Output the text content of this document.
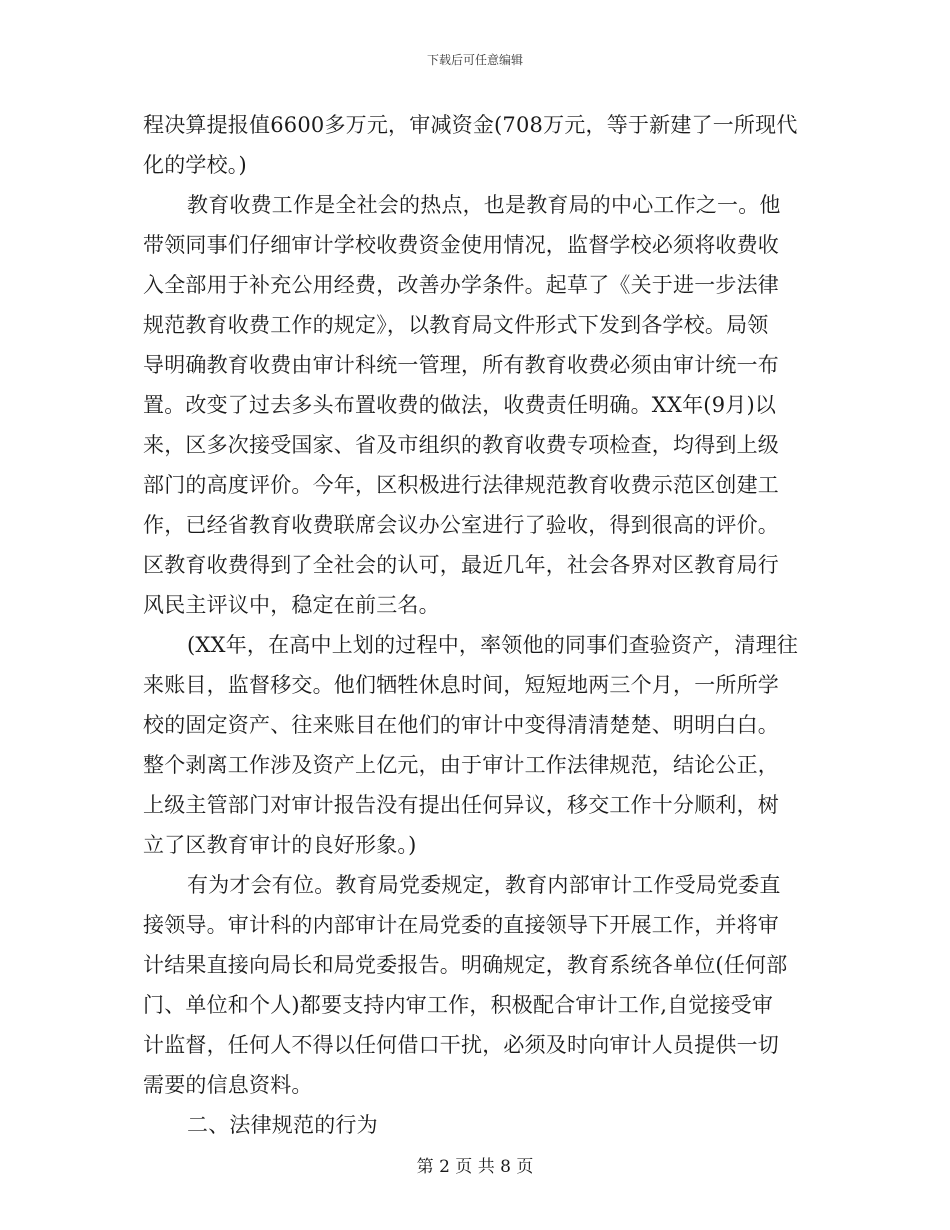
下载后可任意编辑
程决算提报值6600多万元，审减资金(708万元，等于新建了一所现代
化的学校。)
教育收费工作是全社会的热点，也是教育局的中心工作之一。他
带领同事们仔细审计学校收费资金使用情况，监督学校必须将收费收
入全部用于补充公用经费，改善办学条件。起草了《关于进一步法律
规范教育收费工作的规定》，以教育局文件形式下发到各学校。局领
导明确教育收费由审计科统一管理，所有教育收费必须由审计统一布
置。改变了过去多头布置收费的做法，收费责任明确。XX年(9月)以
来，区多次接受国家、省及市组织的教育收费专项检查，均得到上级
部门的高度评价。今年，区积极进行法律规范教育收费示范区创建工
作，已经省教育收费联席会议办公室进行了验收，得到很高的评价。
区教育收费得到了全社会的认可，最近几年，社会各界对区教育局行
风民主评议中，稳定在前三名。
(XX年，在高中上划的过程中，率领他的同事们查验资产，清理往
来账目，监督移交。他们牺牲休息时间，短短地两三个月，一所所学
校的固定资产、往来账目在他们的审计中变得清清楚楚、明明白白。
整个剥离工作涉及资产上亿元，由于审计工作法律规范，结论公正，
上级主管部门对审计报告没有提出任何异议，移交工作十分顺利，树
立了区教育审计的良好形象。)
有为才会有位。教育局党委规定，教育内部审计工作受局党委直
接领导。审计科的内部审计在局党委的直接领导下开展工作，并将审
计结果直接向局长和局党委报告。明确规定，教育系统各单位(任何部
门、单位和个人)都要支持内审工作，积极配合审计工作,自觉接受审
计监督，任何人不得以任何借口干扰，必须及时向审计人员提供一切
需要的信息资料。
二、法律规范的行为
第 2 页 共 8 页
